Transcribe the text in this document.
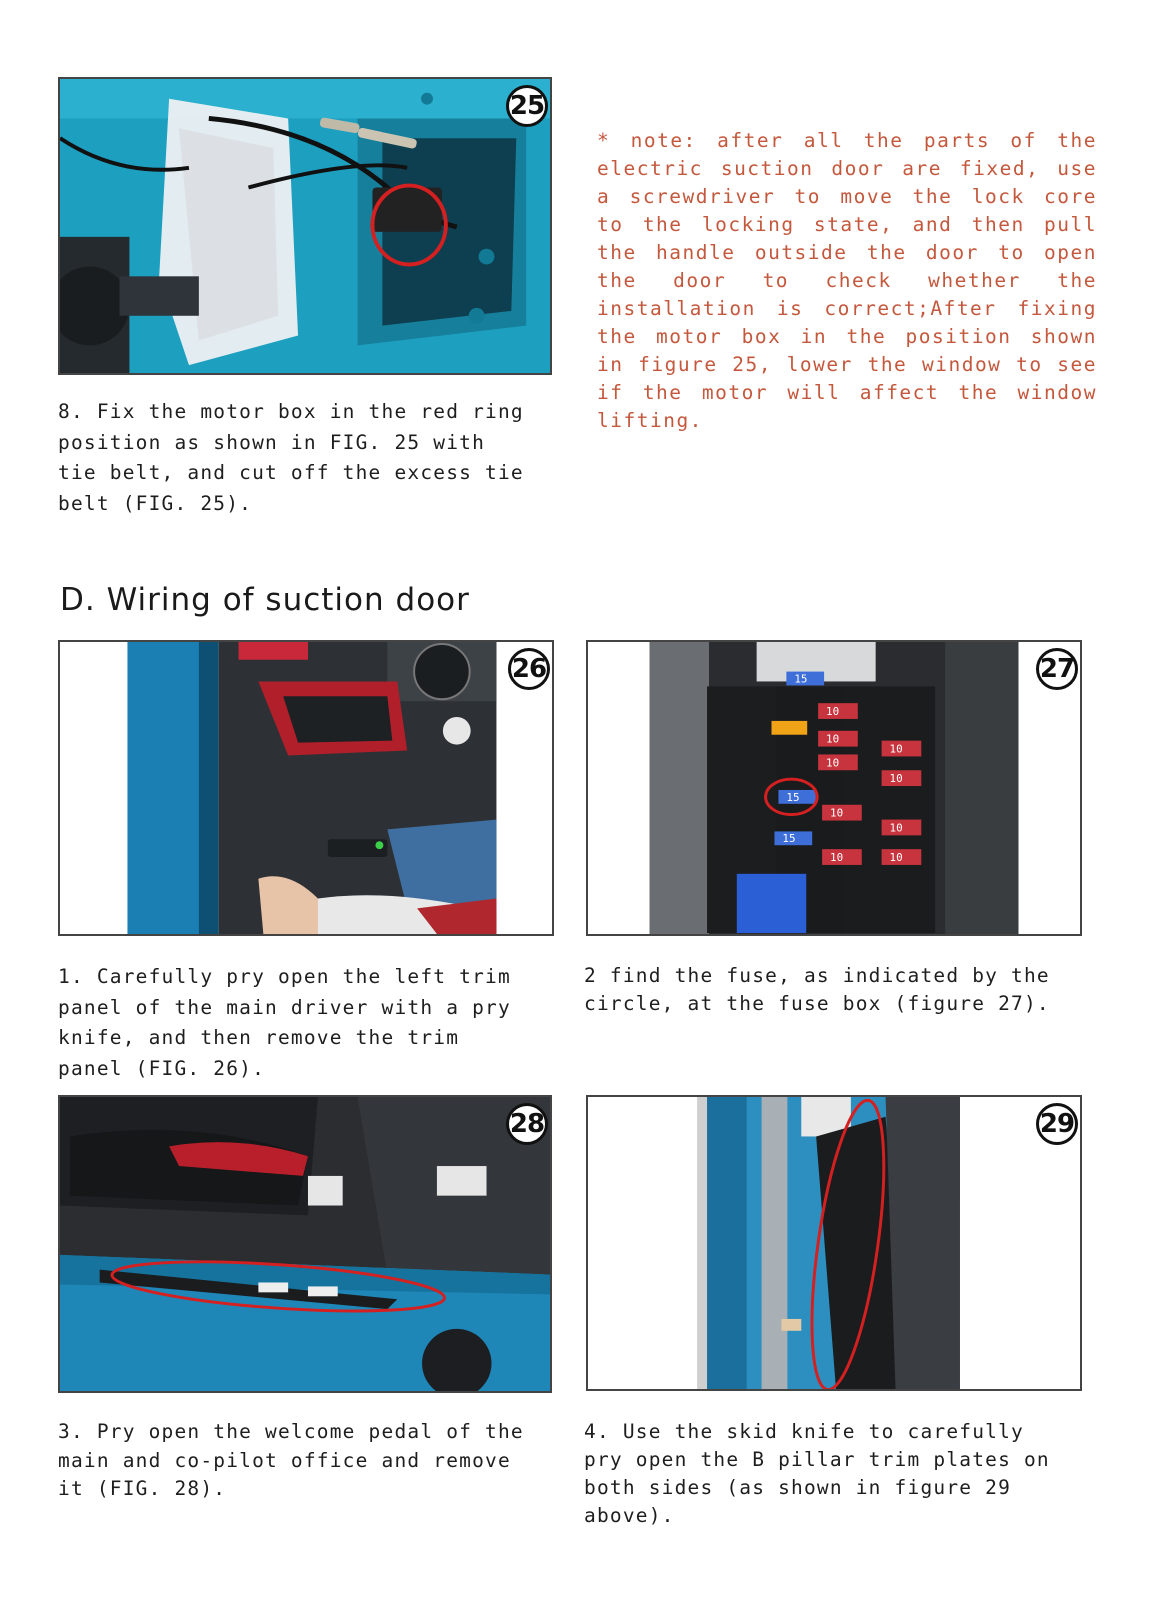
25
* note: after all the parts of the electric suction door are fixed, use a screwdriver to move the lock core to the locking state, and then pull the handle outside the door to open the door to check whether the installation is correct;After fixing the motor box in the position shown in figure 25, lower the window to see if the motor will affect the window lifting.
8. Fix the motor box in the red ring position as shown in FIG. 25 with tie belt, and cut off the excess tie belt (FIG. 25).
D. Wiring of suction door
26	15
10
10
10
15
10
10
15
10
10
10
10
27
1. Carefully pry open the left trim panel of the main driver with a pry knife, and then remove the trim panel (FIG. 26).
2 find the fuse, as indicated by the circle, at the fuse box (figure 27).
28	29
3. Pry open the welcome pedal of the main and co-pilot office and remove it (FIG. 28).
4. Use the skid knife to carefully pry open the B pillar trim plates on both sides (as shown in figure 29 above).
